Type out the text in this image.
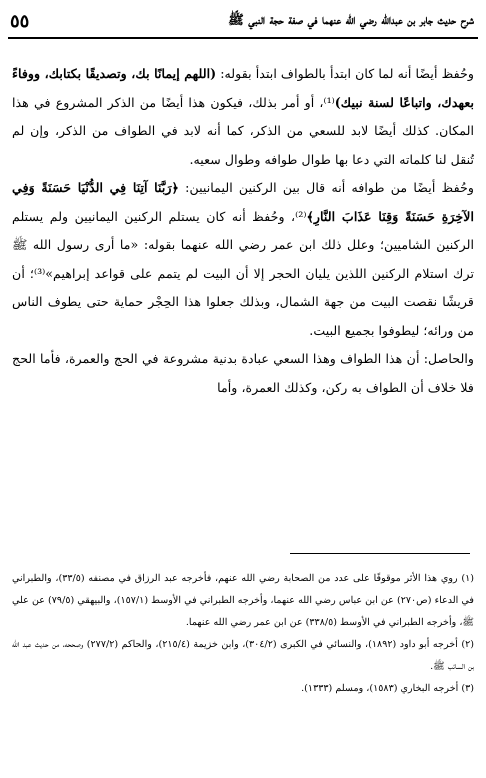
شرح حديث جابر بن عبدالله رضي الله عنهما في صفة حجة النبي ﷺ
٥٥

وحُفظ أيضًا أنه لما كان ابتدأ بالطواف ابتدأ بقوله: (اللهم إيمانًا بك، وتصديقًا بكتابك، ووفاءً بعهدك، واتباعًا لسنة نبيك)⁽¹⁾، أو أمر بذلك، فيكون هذا أيضًا من الذكر المشروع في هذا المكان. كذلك أيضًا لابد للسعي من الذكر، كما أنه لابد في الطواف من الذكر، وإن لم تُنقل لنا كلماته التي دعا بها طوال طوافه وطوال سعيه.

وحُفظ أيضًا من طوافه أنه قال بين الركنين اليمانيين: ﴿رَبَّنَا آتِنَا فِي الدُّنْيَا حَسَنَةً وَفِي الآخِرَةِ حَسَنَةً وَقِنَا عَذَابَ النَّارِ﴾⁽²⁾، وحُفظ أنه كان يستلم الركنين اليمانيين ولم يستلم الركنين الشاميين؛ وعلل ذلك ابن عمر رضي الله عنهما بقوله: «ما أرى رسول الله ﷺ ترك استلام الركنين اللذين يليان الحجر إلا أن البيت لم يتمم على قواعد إبراهيم»⁽³⁾؛ أن قريشًا نقصت البيت من جهة الشمال، وبذلك جعلوا هذا الحِجْر حماية حتى يطوف الناس من ورائه؛ ليطوفوا بجميع البيت.

والحاصل: أن هذا الطواف وهذا السعي عبادة بدنية مشروعة في الحج والعمرة، فأما الحج فلا خلاف أن الطواف به ركن، وكذلك العمرة، وأما

(١) روي هذا الأثر موقوفًا على عدد من الصحابة رضي الله عنهم، فأخرجه عبد الرزاق في مصنفه (٣٣/٥)، والطبراني في الدعاء (ص٢٧٠) عن ابن عباس رضي الله عنهما، وأخرجه الطبراني في الأوسط (١٥٧/١)، والبيهقي (٧٩/٥) عن علي ﷺ، وأخرجه الطبراني في الأوسط (٣٣٨/٥) عن ابن عمر رضي الله عنهما.

(٢) أخرجه أبو داود (١٨٩٢)، والنسائي في الكبرى (٣٠٤/٢)، وابن خزيمة (٢١٥/٤)، والحاكم (٢٧٧/٢) وصححه، من حديث عبد الله بن السائب ﷺ.

(٣) أخرجه البخاري (١٥٨٣)، ومسلم (١٣٣٣).
